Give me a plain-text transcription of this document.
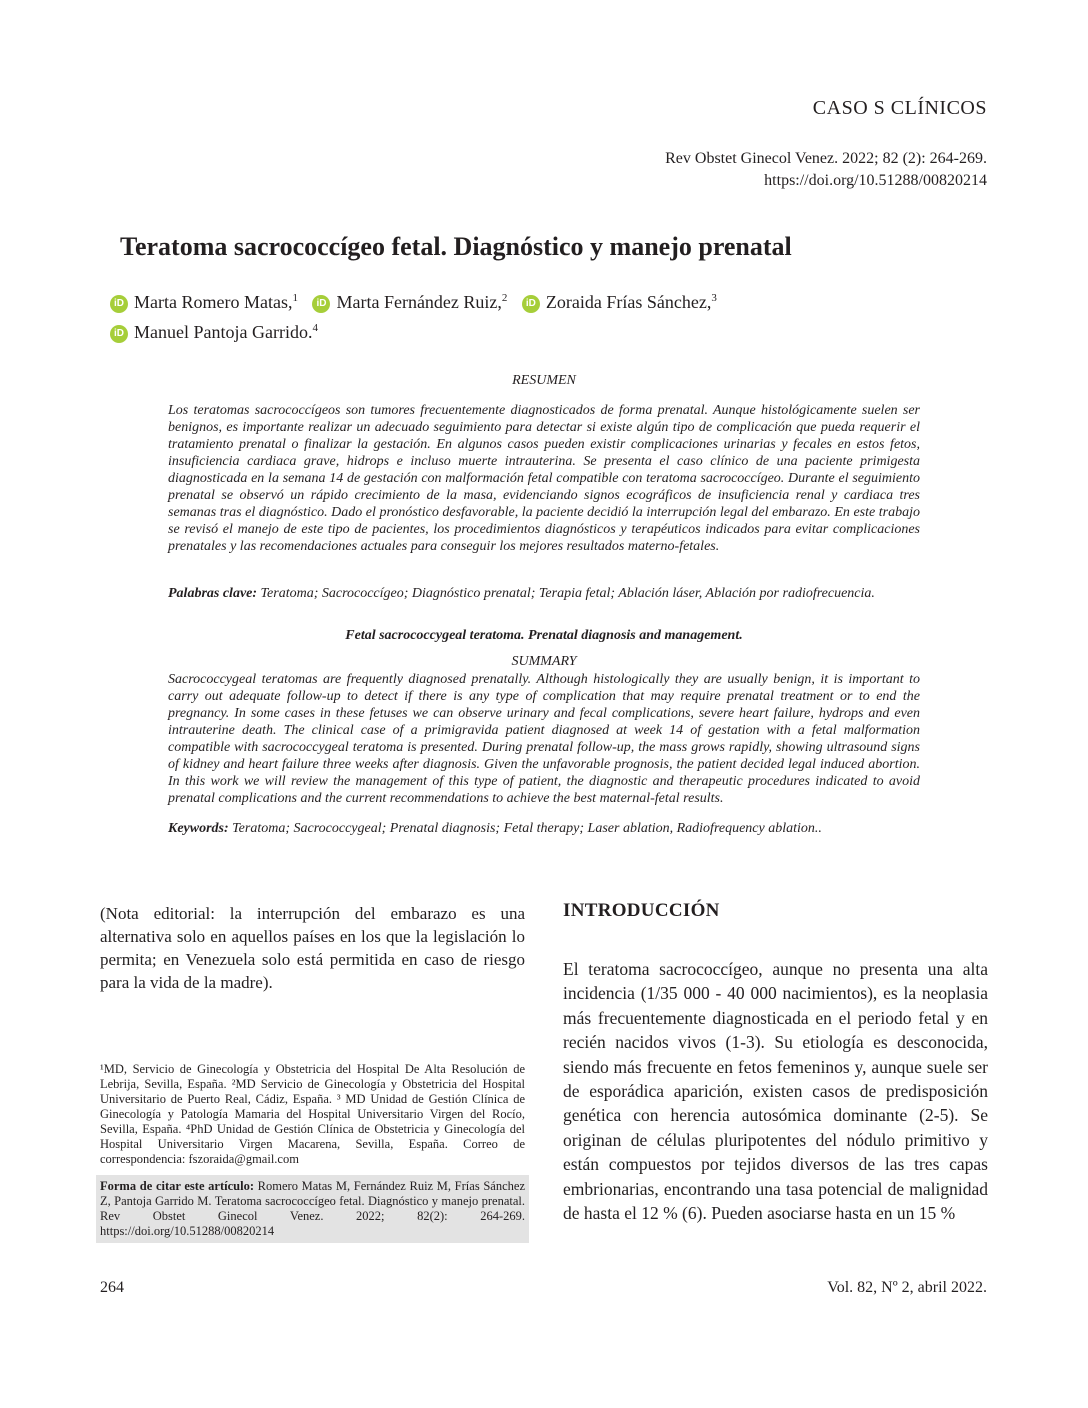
CASO S CLÍNICOS
Rev Obstet Ginecol Venez. 2022; 82 (2): 264-269.
https://doi.org/10.51288/00820214
Teratoma sacrococcígeo fetal. Diagnóstico y manejo prenatal
iD Marta Romero Matas,$^1$ iD Marta Fernández Ruiz,$^2$ iD Zoraida Frías Sánchez,$^3$
iD Manuel Pantoja Garrido.$^4$
RESUMEN
Los teratomas sacrococcígeos son tumores frecuentemente diagnosticados de forma prenatal. Aunque histológicamente suelen ser benignos, es importante realizar un adecuado seguimiento para detectar si existe algún tipo de complicación que pueda requerir el tratamiento prenatal o finalizar la gestación. En algunos casos pueden existir complicaciones urinarias y fecales en estos fetos, insuficiencia cardiaca grave, hidrops e incluso muerte intrauterina. Se presenta el caso clínico de una paciente primigesta diagnosticada en la semana 14 de gestación con malformación fetal compatible con teratoma sacrococcígeo. Durante el seguimiento prenatal se observó un rápido crecimiento de la masa, evidenciando signos ecográficos de insuficiencia renal y cardiaca tres semanas tras el diagnóstico. Dado el pronóstico desfavorable, la paciente decidió la interrupción legal del embarazo. En este trabajo se revisó el manejo de este tipo de pacientes, los procedimientos diagnósticos y terapéuticos indicados para evitar complicaciones prenatales y las recomendaciones actuales para conseguir los mejores resultados materno-fetales.
Palabras clave: Teratoma; Sacrococcígeo; Diagnóstico prenatal; Terapia fetal; Ablación láser, Ablación por radiofrecuencia.
Fetal sacrococcygeal teratoma. Prenatal diagnosis and management.
SUMMARY
Sacrococcygeal teratomas are frequently diagnosed prenatally. Although histologically they are usually benign, it is important to carry out adequate follow-up to detect if there is any type of complication that may require prenatal treatment or to end the pregnancy. In some cases in these fetuses we can observe urinary and fecal complications, severe heart failure, hydrops and even intrauterine death. The clinical case of a primigravida patient diagnosed at week 14 of gestation with a fetal malformation compatible with sacrococcygeal teratoma is presented. During prenatal follow-up, the mass grows rapidly, showing ultrasound signs of kidney and heart failure three weeks after diagnosis. Given the unfavorable prognosis, the patient decided legal induced abortion. In this work we will review the management of this type of patient, the diagnostic and therapeutic procedures indicated to avoid prenatal complications and the current recommendations to achieve the best maternal-fetal results.
Keywords: Teratoma; Sacrococcygeal; Prenatal diagnosis; Fetal therapy; Laser ablation, Radiofrequency ablation..
(Nota editorial: la interrupción del embarazo es una alternativa solo en aquellos países en los que la legislación lo permita; en Venezuela solo está permitida en caso de riesgo para la vida de la madre).
¹MD, Servicio de Ginecología y Obstetricia del Hospital De Alta Resolución de Lebrija, Sevilla, España. ²MD Servicio de Ginecología y Obstetricia del Hospital Universitario de Puerto Real, Cádiz, España. ³ MD Unidad de Gestión Clínica de Ginecología y Patología Mamaria del Hospital Universitario Virgen del Rocío, Sevilla, España. ⁴PhD Unidad de Gestión Clínica de Obstetricia y Ginecología del Hospital Universitario Virgen Macarena, Sevilla, España. Correo de correspondencia: fszoraida@gmail.com
Forma de citar este artículo: Romero Matas M, Fernández Ruiz M, Frías Sánchez Z, Pantoja Garrido M. Teratoma sacrococcígeo fetal. Diagnóstico y manejo prenatal. Rev Obstet Ginecol Venez. 2022; 82(2): 264-269. https://doi.org/10.51288/00820214
INTRODUCCIÓN
El teratoma sacrococcígeo, aunque no presenta una alta incidencia (1/35 000 - 40 000 nacimientos), es la neoplasia más frecuentemente diagnosticada en el periodo fetal y en recién nacidos vivos (1-3). Su etiología es desconocida, siendo más frecuente en fetos femeninos y, aunque suele ser de esporádica aparición, existen casos de predisposición genética con herencia autosómica dominante (2-5). Se originan de células pluripotentes del nódulo primitivo y están compuestos por tejidos diversos de las tres capas embrionarias, encontrando una tasa potencial de malignidad de hasta el 12 % (6). Pueden asociarse hasta en un 15 %
264	Vol. 82, Nº 2, abril 2022.
